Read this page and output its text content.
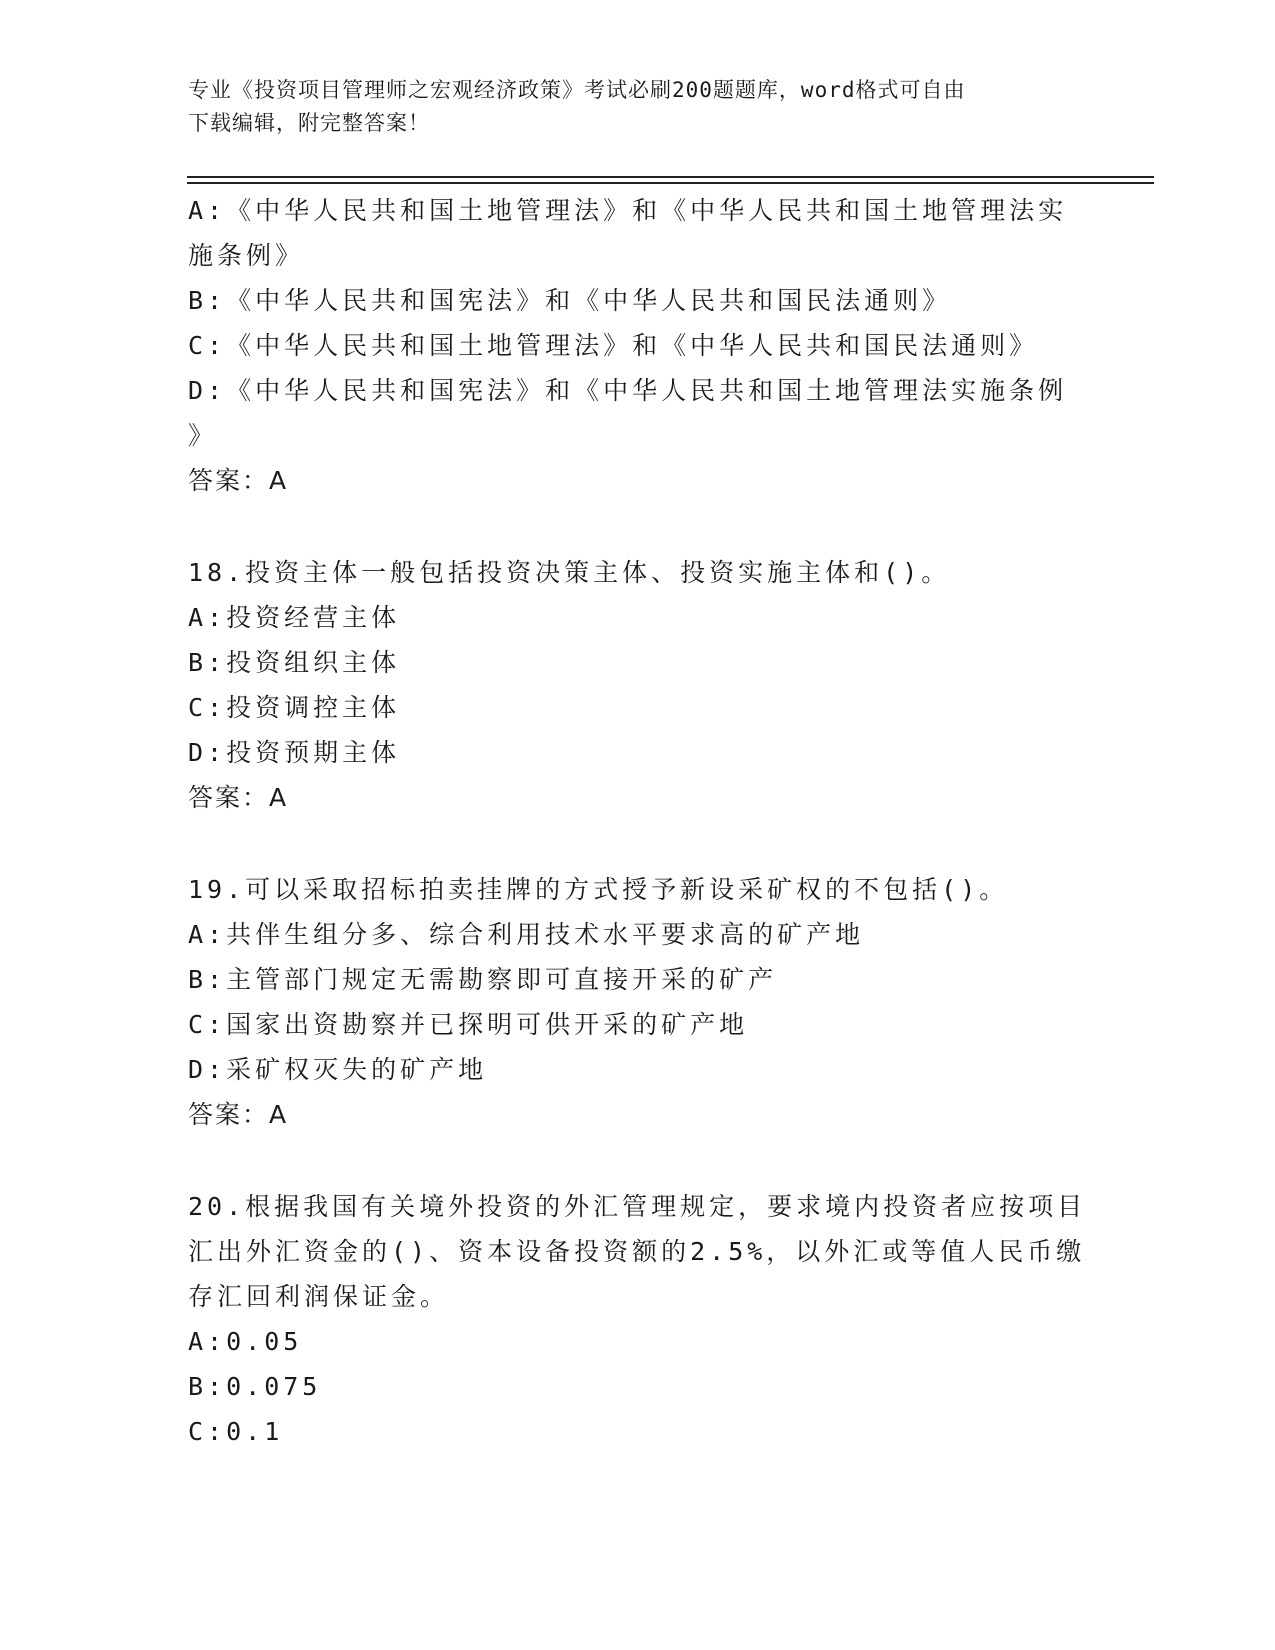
专业《投资项目管理师之宏观经济政策》考试必刷200题题库，word格式可自由
下载编辑，附完整答案！

A:《中华人民共和国土地管理法》和《中华人民共和国土地管理法实

施条例》

B:《中华人民共和国宪法》和《中华人民共和国民法通则》

C:《中华人民共和国土地管理法》和《中华人民共和国民法通则》

D:《中华人民共和国宪法》和《中华人民共和国土地管理法实施条例

》

答案：A

18.投资主体一般包括投资决策主体、投资实施主体和()。

A:投资经营主体

B:投资组织主体

C:投资调控主体

D:投资预期主体

答案：A

19.可以采取招标拍卖挂牌的方式授予新设采矿权的不包括()。

A:共伴生组分多、综合利用技术水平要求高的矿产地

B:主管部门规定无需勘察即可直接开采的矿产

C:国家出资勘察并已探明可供开采的矿产地

D:采矿权灭失的矿产地

答案：A

20.根据我国有关境外投资的外汇管理规定，要求境内投资者应按项目

汇出外汇资金的()、资本设备投资额的2.5%，以外汇或等值人民币缴

存汇回利润保证金。

A:0.05

B:0.075

C:0.1
